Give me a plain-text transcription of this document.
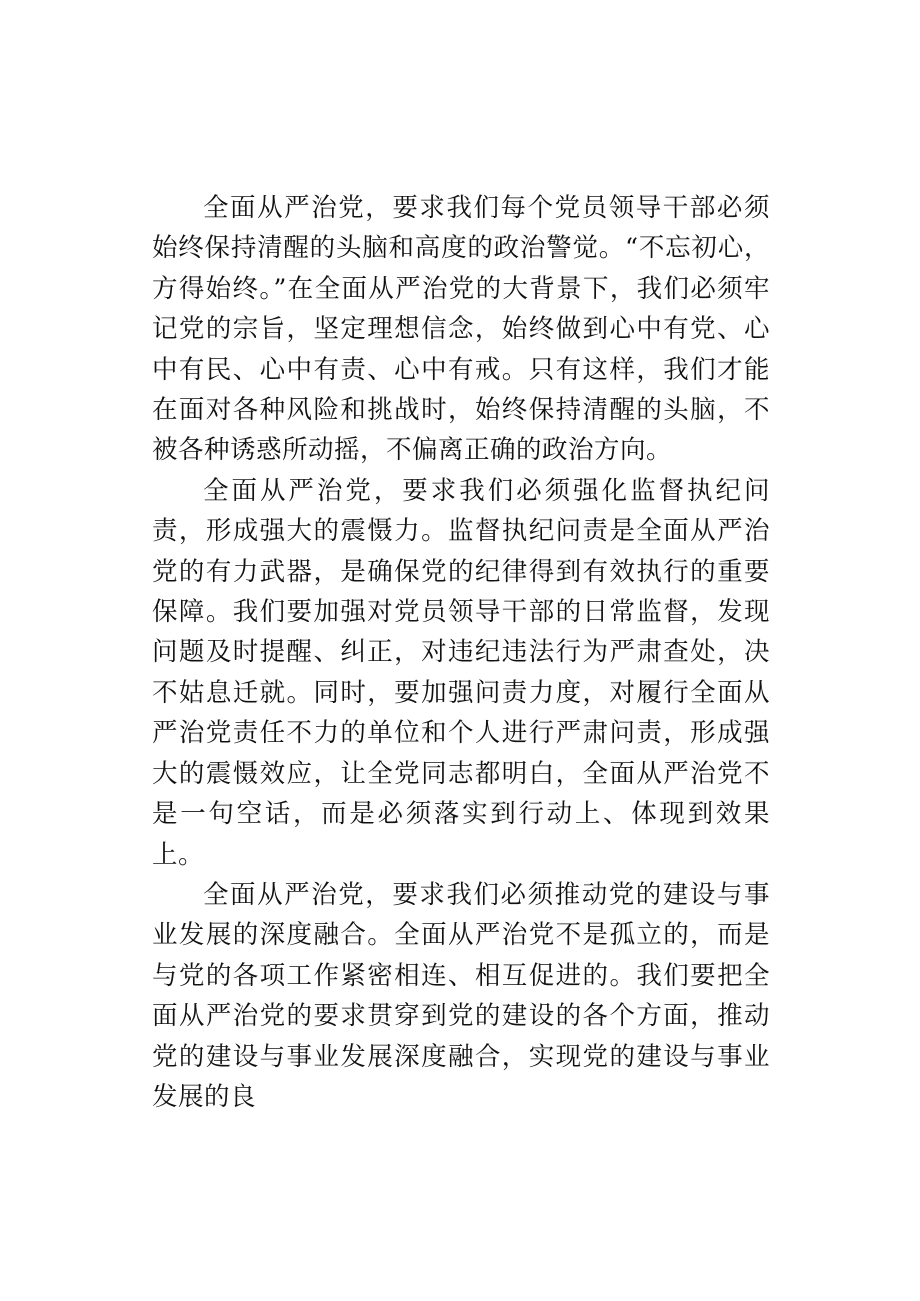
全面从严治党，要求我们每个党员领导干部必须始终保持清醒的头脑和高度的政治警觉。“不忘初心，方得始终。”在全面从严治党的大背景下，我们必须牢记党的宗旨，坚定理想信念，始终做到心中有党、心中有民、心中有责、心中有戒。只有这样，我们才能在面对各种风险和挑战时，始终保持清醒的头脑，不被各种诱惑所动摇，不偏离正确的政治方向。

全面从严治党，要求我们必须强化监督执纪问责，形成强大的震慑力。监督执纪问责是全面从严治党的有力武器，是确保党的纪律得到有效执行的重要保障。我们要加强对党员领导干部的日常监督，发现问题及时提醒、纠正，对违纪违法行为严肃查处，决不姑息迁就。同时，要加强问责力度，对履行全面从严治党责任不力的单位和个人进行严肃问责，形成强大的震慑效应，让全党同志都明白，全面从严治党不是一句空话，而是必须落实到行动上、体现到效果上。

全面从严治党，要求我们必须推动党的建设与事业发展的深度融合。全面从严治党不是孤立的，而是与党的各项工作紧密相连、相互促进的。我们要把全面从严治党的要求贯穿到党的建设的各个方面，推动党的建设与事业发展深度融合，实现党的建设与事业发展的良
